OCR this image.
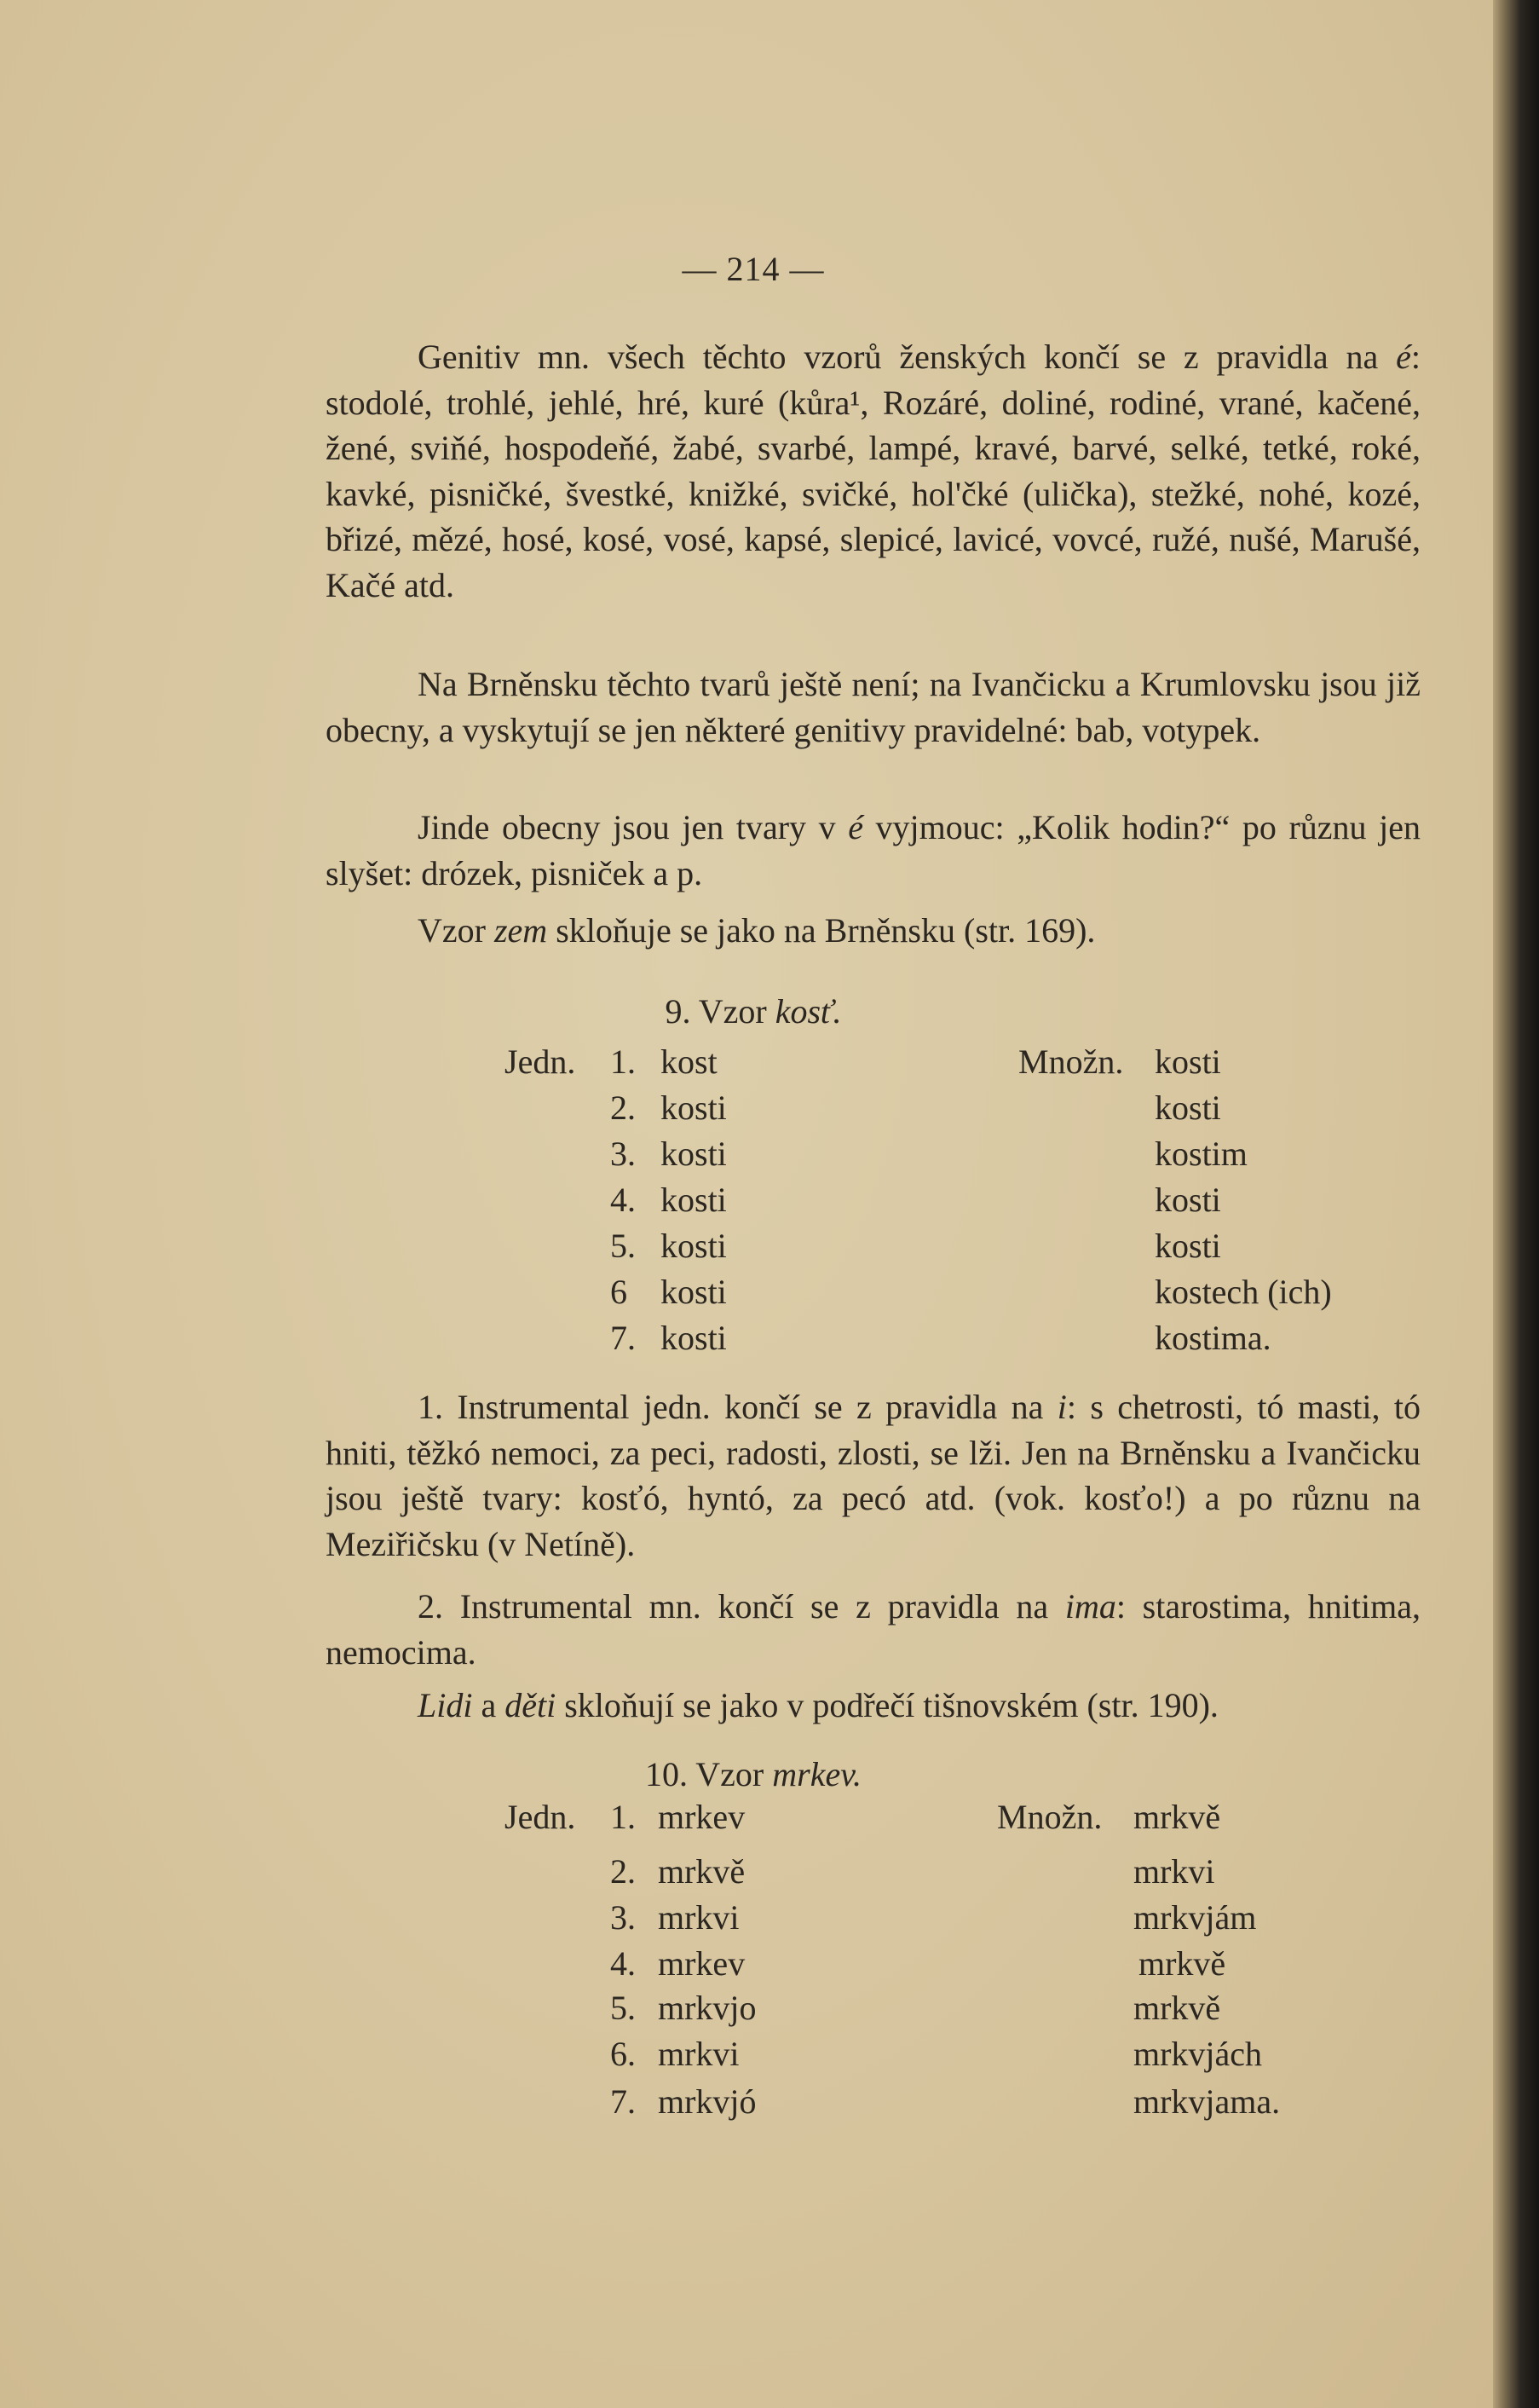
— 214 —

Genitiv mn. všech těchto vzorů ženských končí se z pravidla na é: stodolé, trohlé, jehlé, hré, kuré (kůra¹, Rozáré, doliné, rodiné, vrané, kačené, žené, sviňé, hospodeňé, žabé, svarbé, lampé, kravé, barvé, selké, tetké, roké, kavké, pisničké, švestké, knižké, svičké, hol'čké (ulička), stežké, nohé, kozé, břizé, mězé, hosé, kosé, vosé, kapsé, slepicé, lavicé, vovcé, ružé, nušé, Marušé, Kačé atd.

Na Brněnsku těchto tvarů ještě není; na Ivančicku a Krumlovsku jsou již obecny, a vyskytují se jen některé genitivy pravidelné: bab, votypek.

Jinde obecny jsou jen tvary v é vyjmouc: „Kolik hodin?“ po různu jen slyšet: drózek, pisniček a p.

Vzor zem skloňuje se jako na Brněnsku (str. 169).

9. Vzor kosť.
Jedn. 1. kost	Množn. kosti
2. kosti	kosti
3. kosti	kostim
4. kosti	kosti
5. kosti	kosti
6 kosti	kostech (ich)
7. kosti	kostima.

1. Instrumental jedn. končí se z pravidla na i: s chetrosti, tó masti, tó hniti, těžkó nemoci, za peci, radosti, zlosti, se lži. Jen na Brněnsku a Ivančicku jsou ještě tvary: kosťó, hyntó, za pecó atd. (vok. kosťo!) a po různu na Meziřičsku (v Netíně).

2. Instrumental mn. končí se z pravidla na ima: starostima, hnitima, nemocima.

Lidi a děti skloňují se jako v podřečí tišnovském (str. 190).

10. Vzor mrkev.
Jedn. 1. mrkev	Množn. mrkvě
2. mrkvě	mrkvi
3. mrkvi	mrkvjám
4. mrkev	mrkvě
5. mrkvjo	mrkvě
6. mrkvi	mrkvjách
7. mrkvjó	mrkvjama.
